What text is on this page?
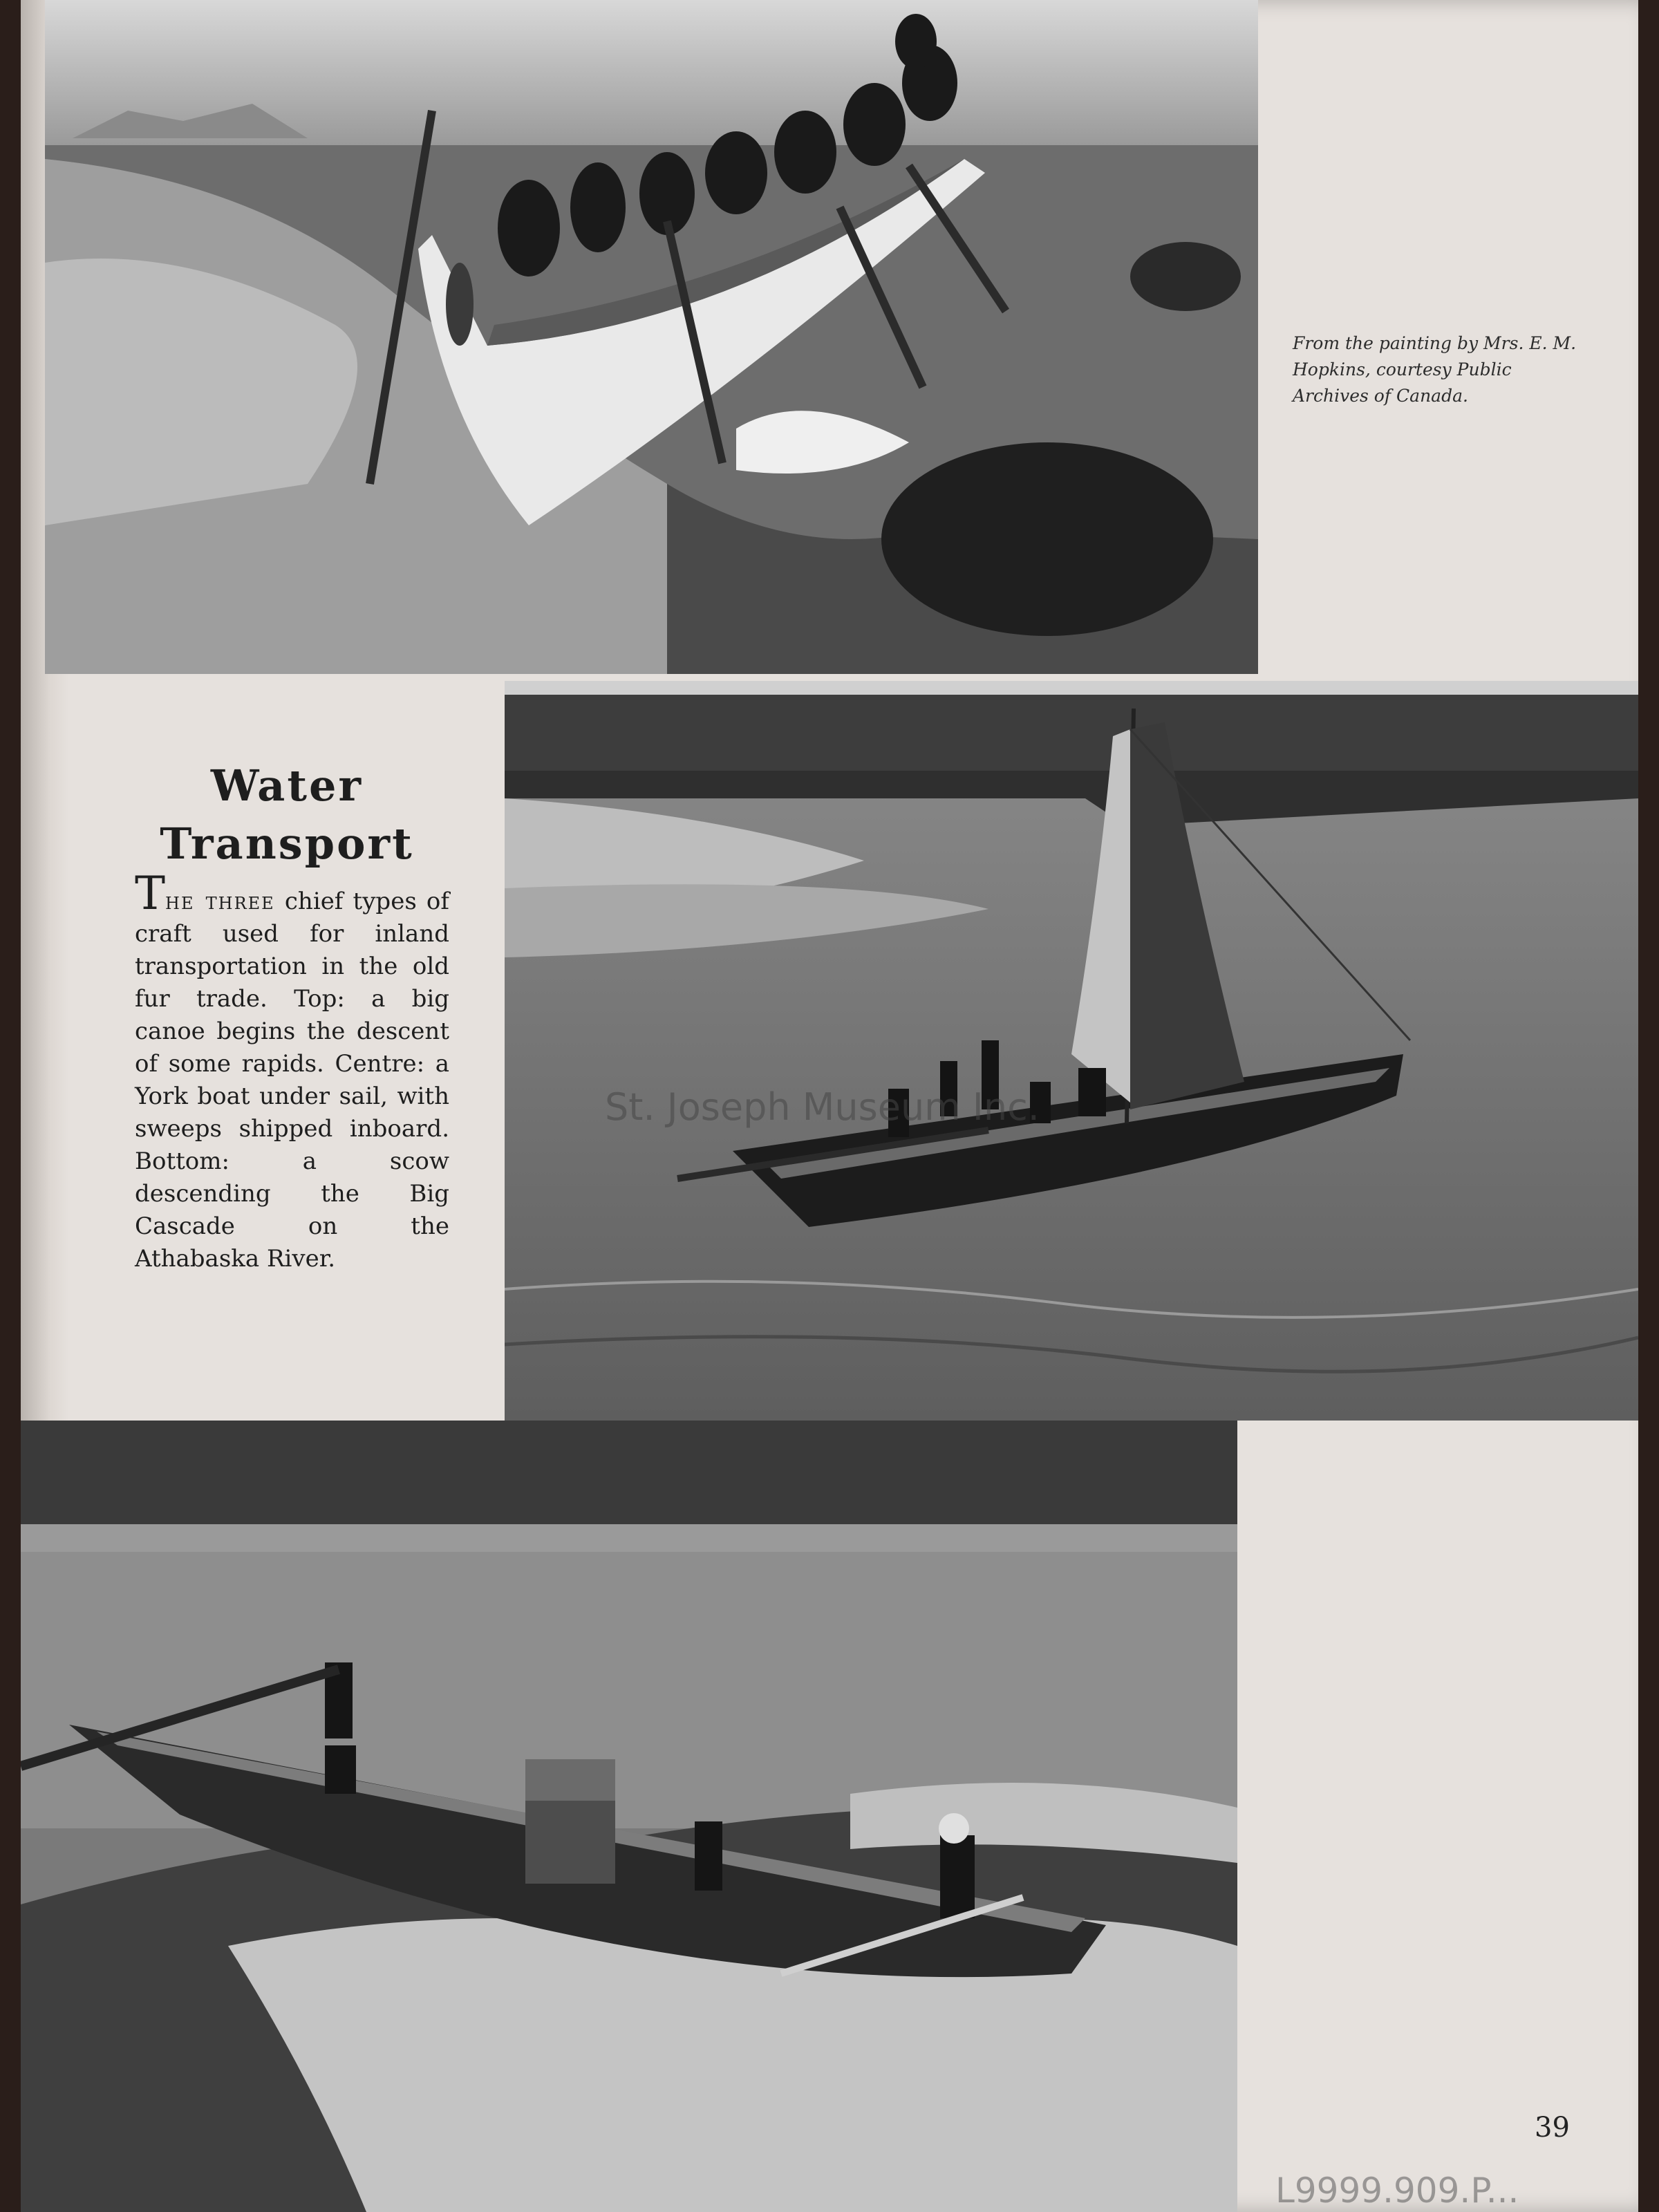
From the painting by Mrs. E. M. Hopkins, courtesy Public Archives of Canada.
Water
Transport
The three chief types of craft used for inland transportation in the old fur trade. Top: a big canoe begins the descent of some rapids. Centre: a York boat under sail, with sweeps shipped inboard. Bottom: a scow descending the Big Cascade on the Athabaska River.
St. Joseph Museum Inc.
39
L9999.909.P...
